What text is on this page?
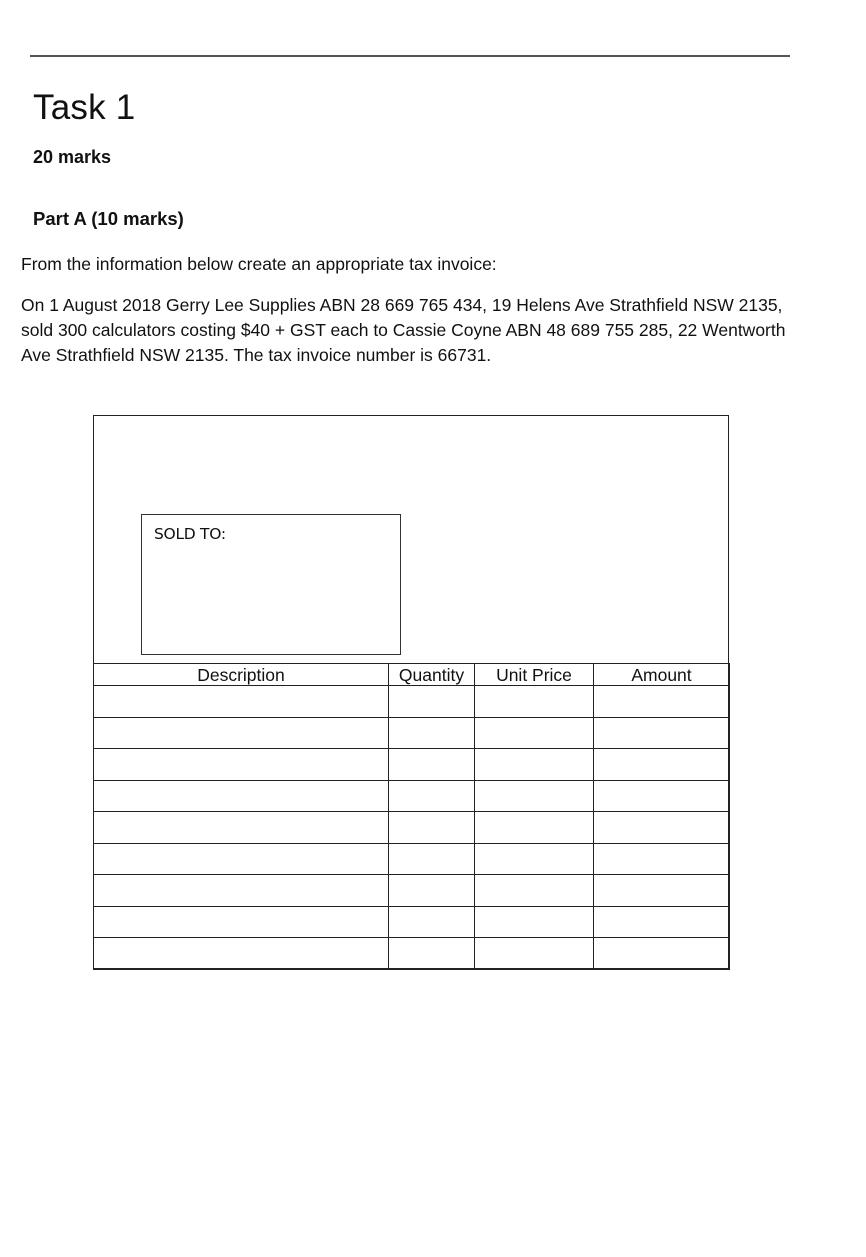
Task 1

20 marks

Part A (10 marks)

From the information below create an appropriate tax invoice:

On 1 August 2018 Gerry Lee Supplies ABN 28 669 765 434, 19 Helens Ave Strathfield NSW 2135, sold 300 calculators costing $40 + GST each to Cassie Coyne ABN 48 689 755 285, 22 Wentworth Ave Strathfield NSW 2135. The tax invoice number is 66731.

SOLD TO:
Description	Quantity	Unit Price	Amount
